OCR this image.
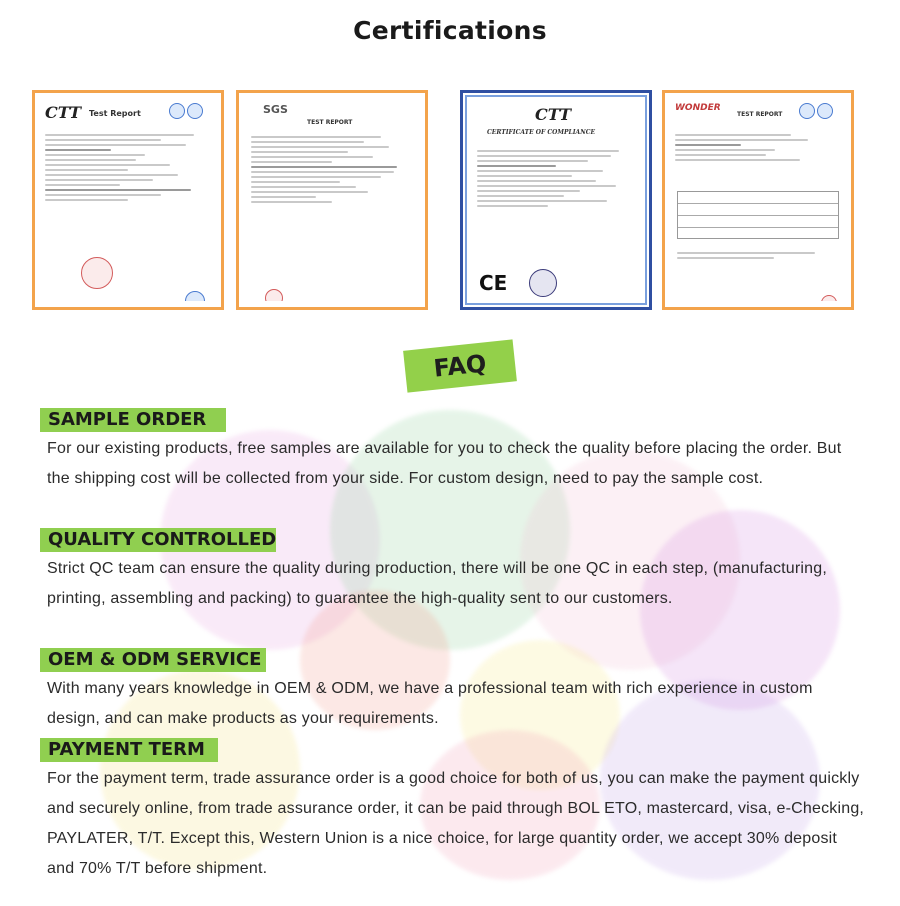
Certifications
CTT Test Report	SGS
TEST REPORT	CTT
CERTIFICATE OF COMPLIANCE
CE
WONDER
TEST REPORT
FAQ
SAMPLE ORDER
For our existing products, free samples are available for you to check the quality before placing the order. But the shipping cost will be collected from your side. For custom design, need to pay the sample cost.
QUALITY CONTROLLED
Strict QC team can ensure the quality during production, there will be one QC in each step, (manufacturing, printing, assembling and packing) to guarantee the high-quality sent to our customers.
OEM & ODM SERVICE
With many years knowledge in OEM & ODM, we have a professional team with rich experience in custom design, and can make products as your requirements.
PAYMENT TERM
For the payment term, trade assurance order is a good choice for both of us, you can make the payment quickly and securely online, from trade assurance order, it can be paid through BOL ETO, mastercard, visa, e-Checking, PAYLATER, T/T. Except this, Western Union is a nice choice, for large quantity order, we accept 30% deposit and 70% T/T before shipment.
